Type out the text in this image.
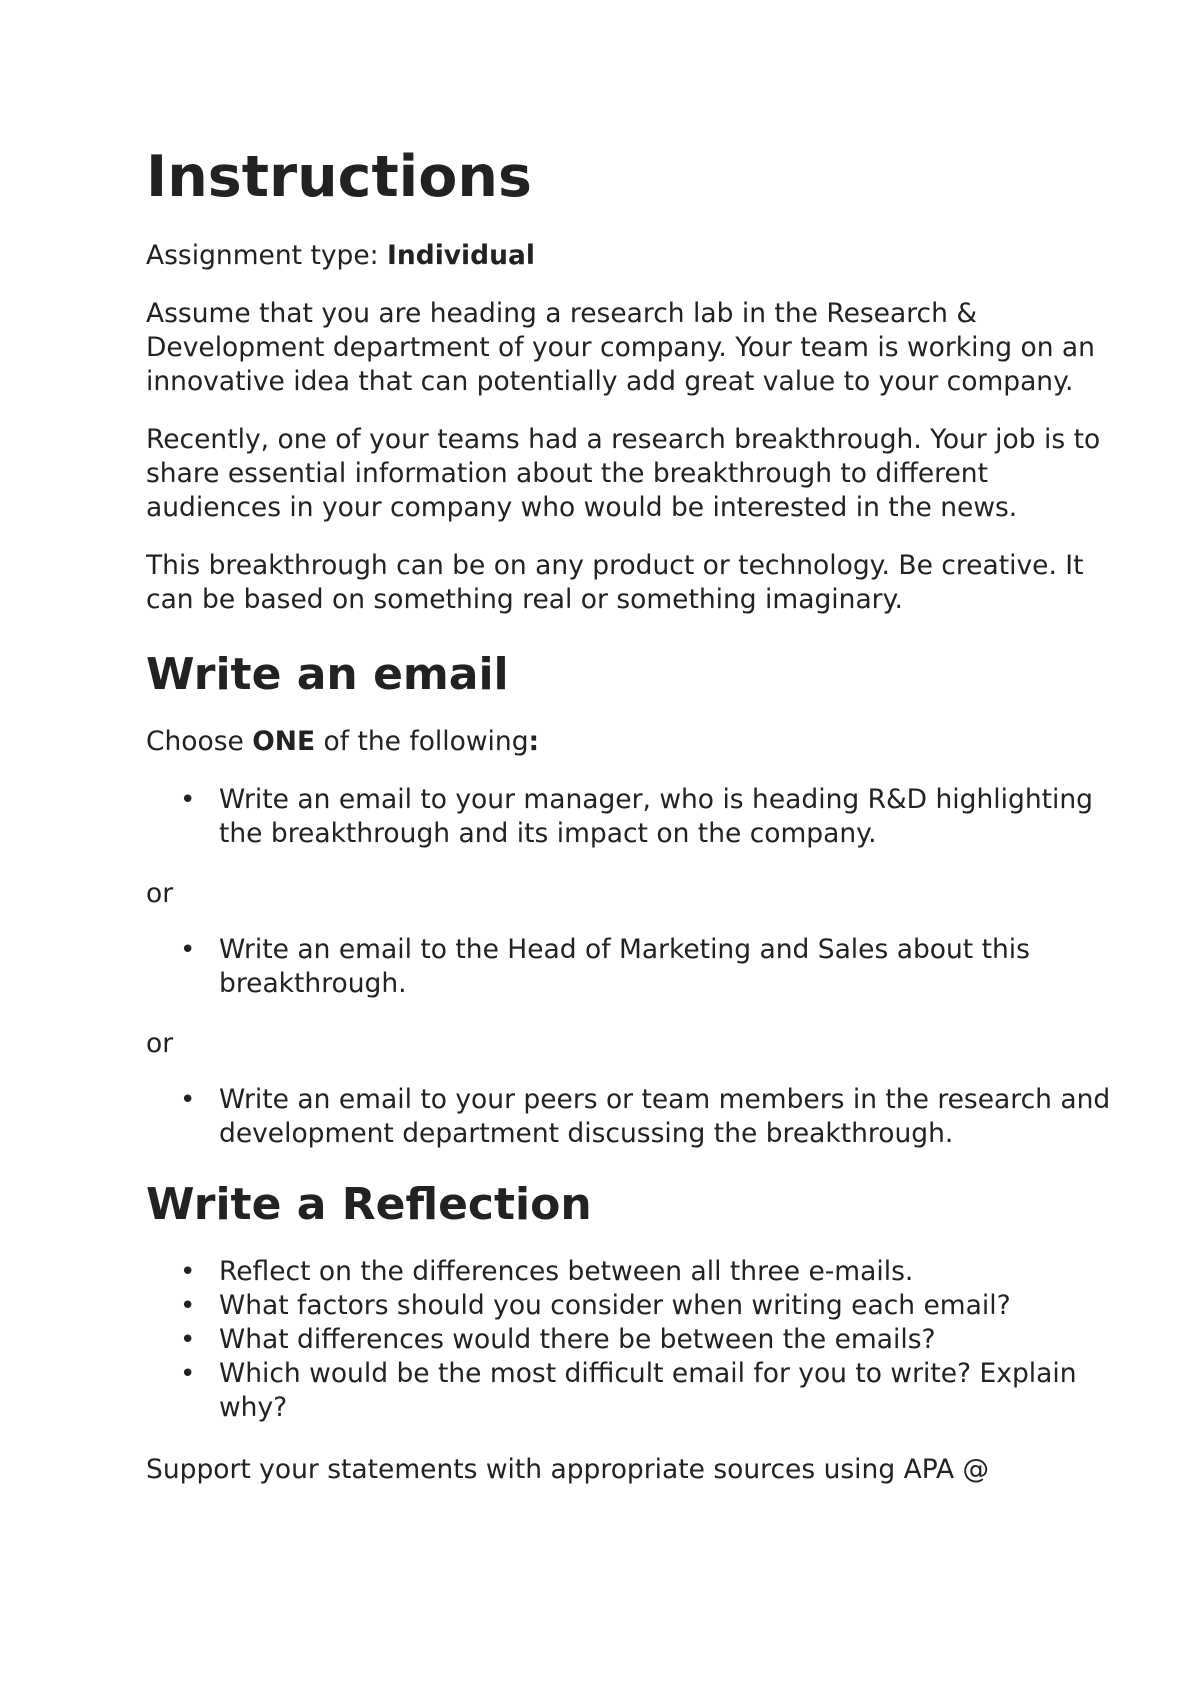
Instructions

Assignment type: Individual

Assume that you are heading a research lab in the Research &
Development department of your company. Your team is working on an
innovative idea that can potentially add great value to your company.

Recently, one of your teams had a research breakthrough. Your job is to
share essential information about the breakthrough to different
audiences in your company who would be interested in the news.

This breakthrough can be on any product or technology. Be creative. It
can be based on something real or something imaginary.

Write an email

Choose ONE of the following:

• Write an email to your manager, who is heading R&D highlighting
the breakthrough and its impact on the company.

or

• Write an email to the Head of Marketing and Sales about this
breakthrough.

or

• Write an email to your peers or team members in the research and
development department discussing the breakthrough.
Write a Reflection
• Reflect on the differences between all three e-mails.
• What factors should you consider when writing each email?
• What differences would there be between the emails?
• Which would be the most difficult email for you to write? Explain
why?

Support your statements with appropriate sources using APA @
